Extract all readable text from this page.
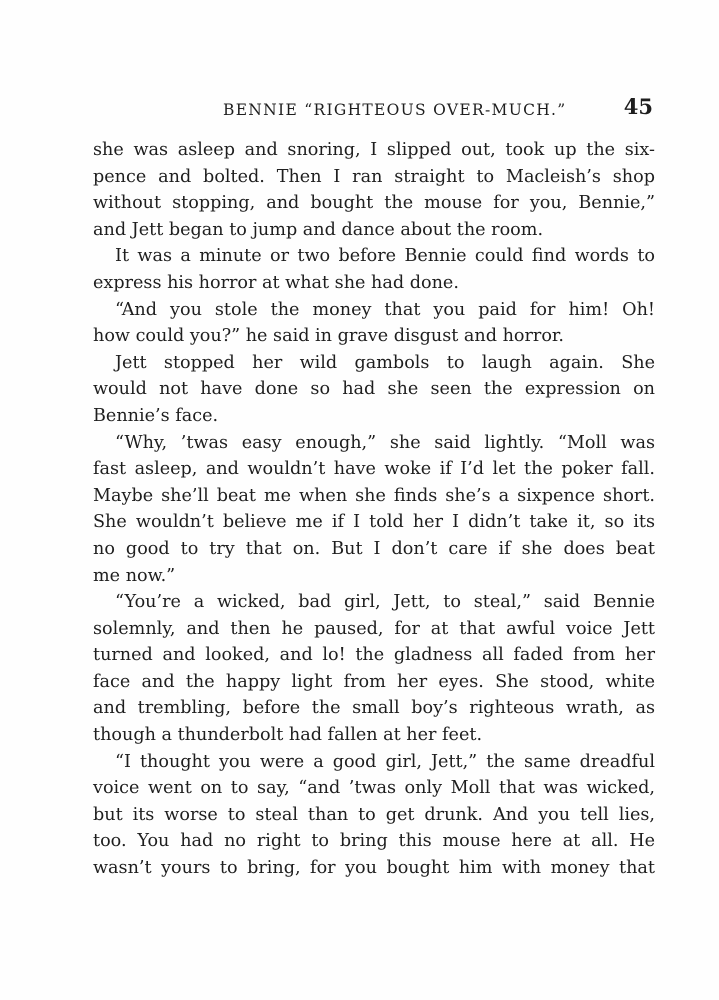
BENNIE “RIGHTEOUS OVER-MUCH.”	45
she was asleep and snoring, I slipped out, took up the six-
pence and bolted. Then I ran straight to Macleish’s shop
without stopping, and bought the mouse for you, Bennie,”
and Jett began to jump and dance about the room.
It was a minute or two before Bennie could find words to
express his horror at what she had done.
“And you stole the money that you paid for him! Oh!
how could you?” he said in grave disgust and horror.
Jett stopped her wild gambols to laugh again. She
would not have done so had she seen the expression on
Bennie’s face.
“Why, ’twas easy enough,” she said lightly. “Moll was
fast asleep, and wouldn’t have woke if I’d let the poker fall.
Maybe she’ll beat me when she finds she’s a sixpence short.
She wouldn’t believe me if I told her I didn’t take it, so its
no good to try that on. But I don’t care if she does beat
me now.”
“You’re a wicked, bad girl, Jett, to steal,” said Bennie
solemnly, and then he paused, for at that awful voice Jett
turned and looked, and lo! the gladness all faded from her
face and the happy light from her eyes. She stood, white
and trembling, before the small boy’s righteous wrath, as
though a thunderbolt had fallen at her feet.
“I thought you were a good girl, Jett,” the same dreadful
voice went on to say, “and ’twas only Moll that was wicked,
but its worse to steal than to get drunk. And you tell lies,
too. You had no right to bring this mouse here at all. He
wasn’t yours to bring, for you bought him with money that
